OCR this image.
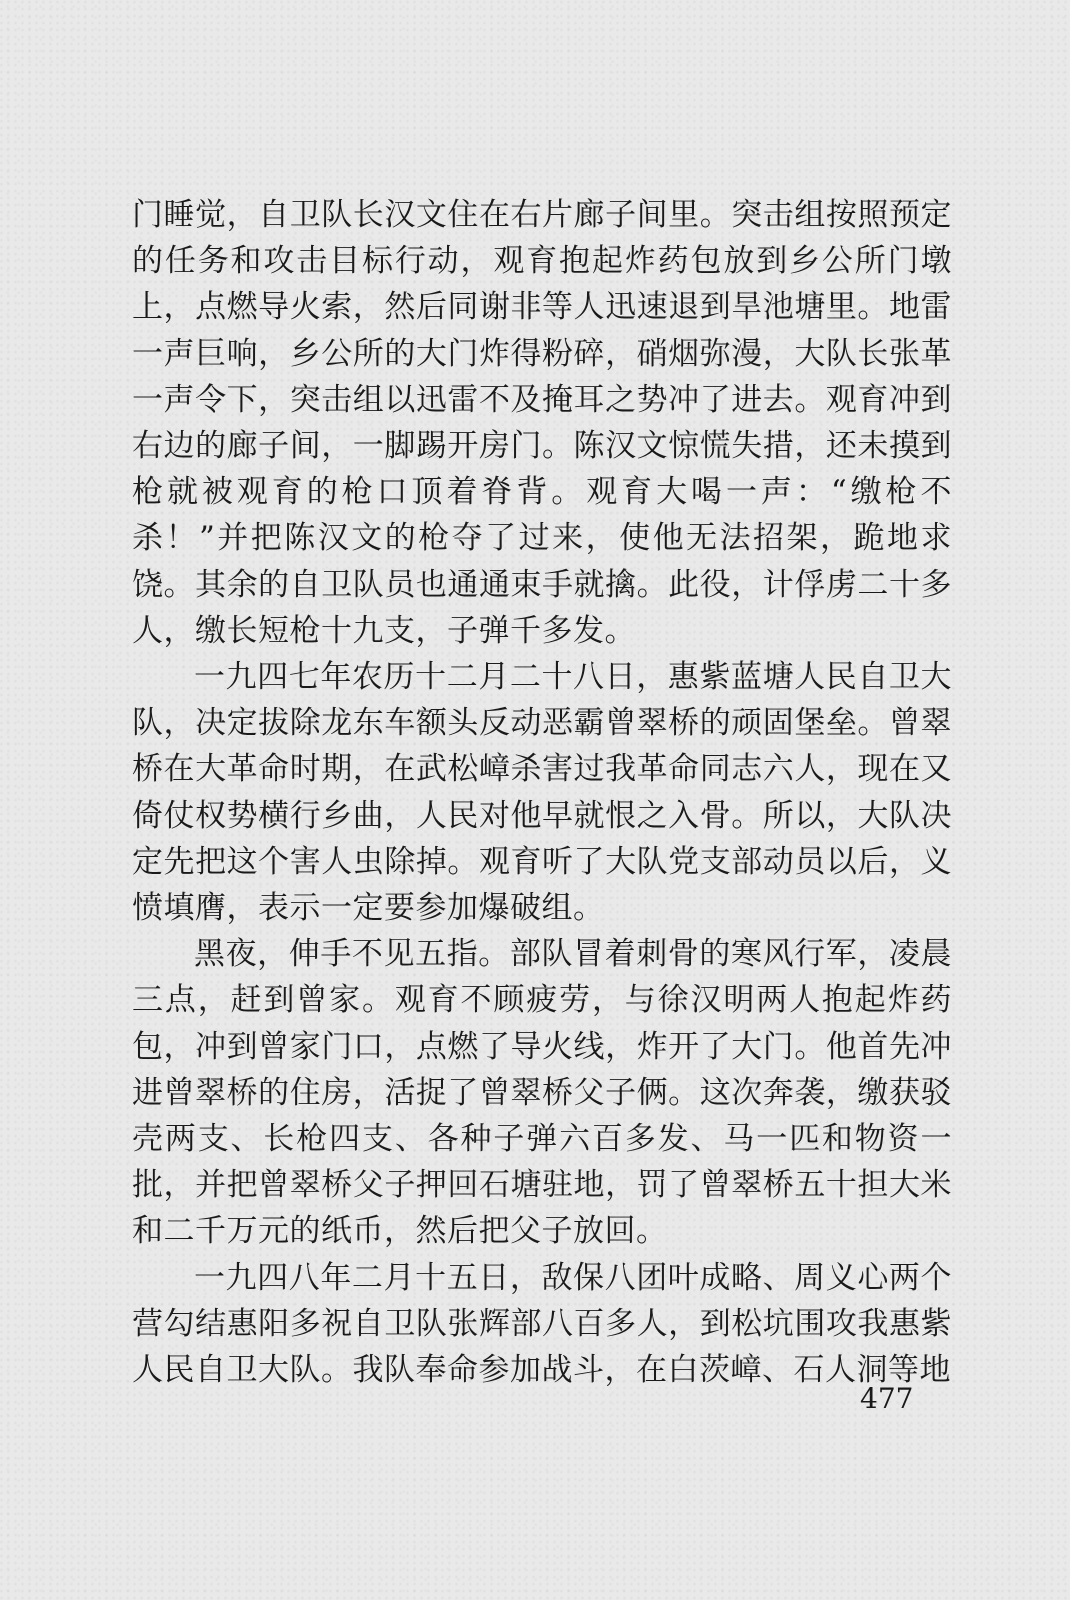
门睡觉，自卫队长汉文住在右片廊子间里。突击组按照预定的任务和攻击目标行动，观育抱起炸药包放到乡公所门墩上，点燃导火索，然后同谢非等人迅速退到旱池塘里。地雷一声巨响，乡公所的大门炸得粉碎，硝烟弥漫，大队长张革一声令下，突击组以迅雷不及掩耳之势冲了进去。观育冲到右边的廊子间，一脚踢开房门。陈汉文惊慌失措，还未摸到枪就被观育的枪口顶着脊背。观育大喝一声：“缴枪不杀！”并把陈汉文的枪夺了过来，使他无法招架，跪地求饶。其余的自卫队员也通通束手就擒。此役，计俘虏二十多人，缴长短枪十九支，子弹千多发。

一九四七年农历十二月二十八日，惠紫蓝塘人民自卫大队，决定拔除龙东车额头反动恶霸曾翠桥的顽固堡垒。曾翠桥在大革命时期，在武松嶂杀害过我革命同志六人，现在又倚仗权势横行乡曲，人民对他早就恨之入骨。所以，大队决定先把这个害人虫除掉。观育听了大队党支部动员以后，义愤填膺，表示一定要参加爆破组。

黑夜，伸手不见五指。部队冒着刺骨的寒风行军，凌晨三点，赶到曾家。观育不顾疲劳，与徐汉明两人抱起炸药包，冲到曾家门口，点燃了导火线，炸开了大门。他首先冲进曾翠桥的住房，活捉了曾翠桥父子俩。这次奔袭，缴获驳壳两支、长枪四支、各种子弹六百多发、马一匹和物资一批，并把曾翠桥父子押回石塘驻地，罚了曾翠桥五十担大米和二千万元的纸币，然后把父子放回。

一九四八年二月十五日，敌保八团叶成略、周义心两个营勾结惠阳多祝自卫队张辉部八百多人，到松坑围攻我惠紫人民自卫大队。我队奉命参加战斗，在白茨嶂、石人洞等地

477
